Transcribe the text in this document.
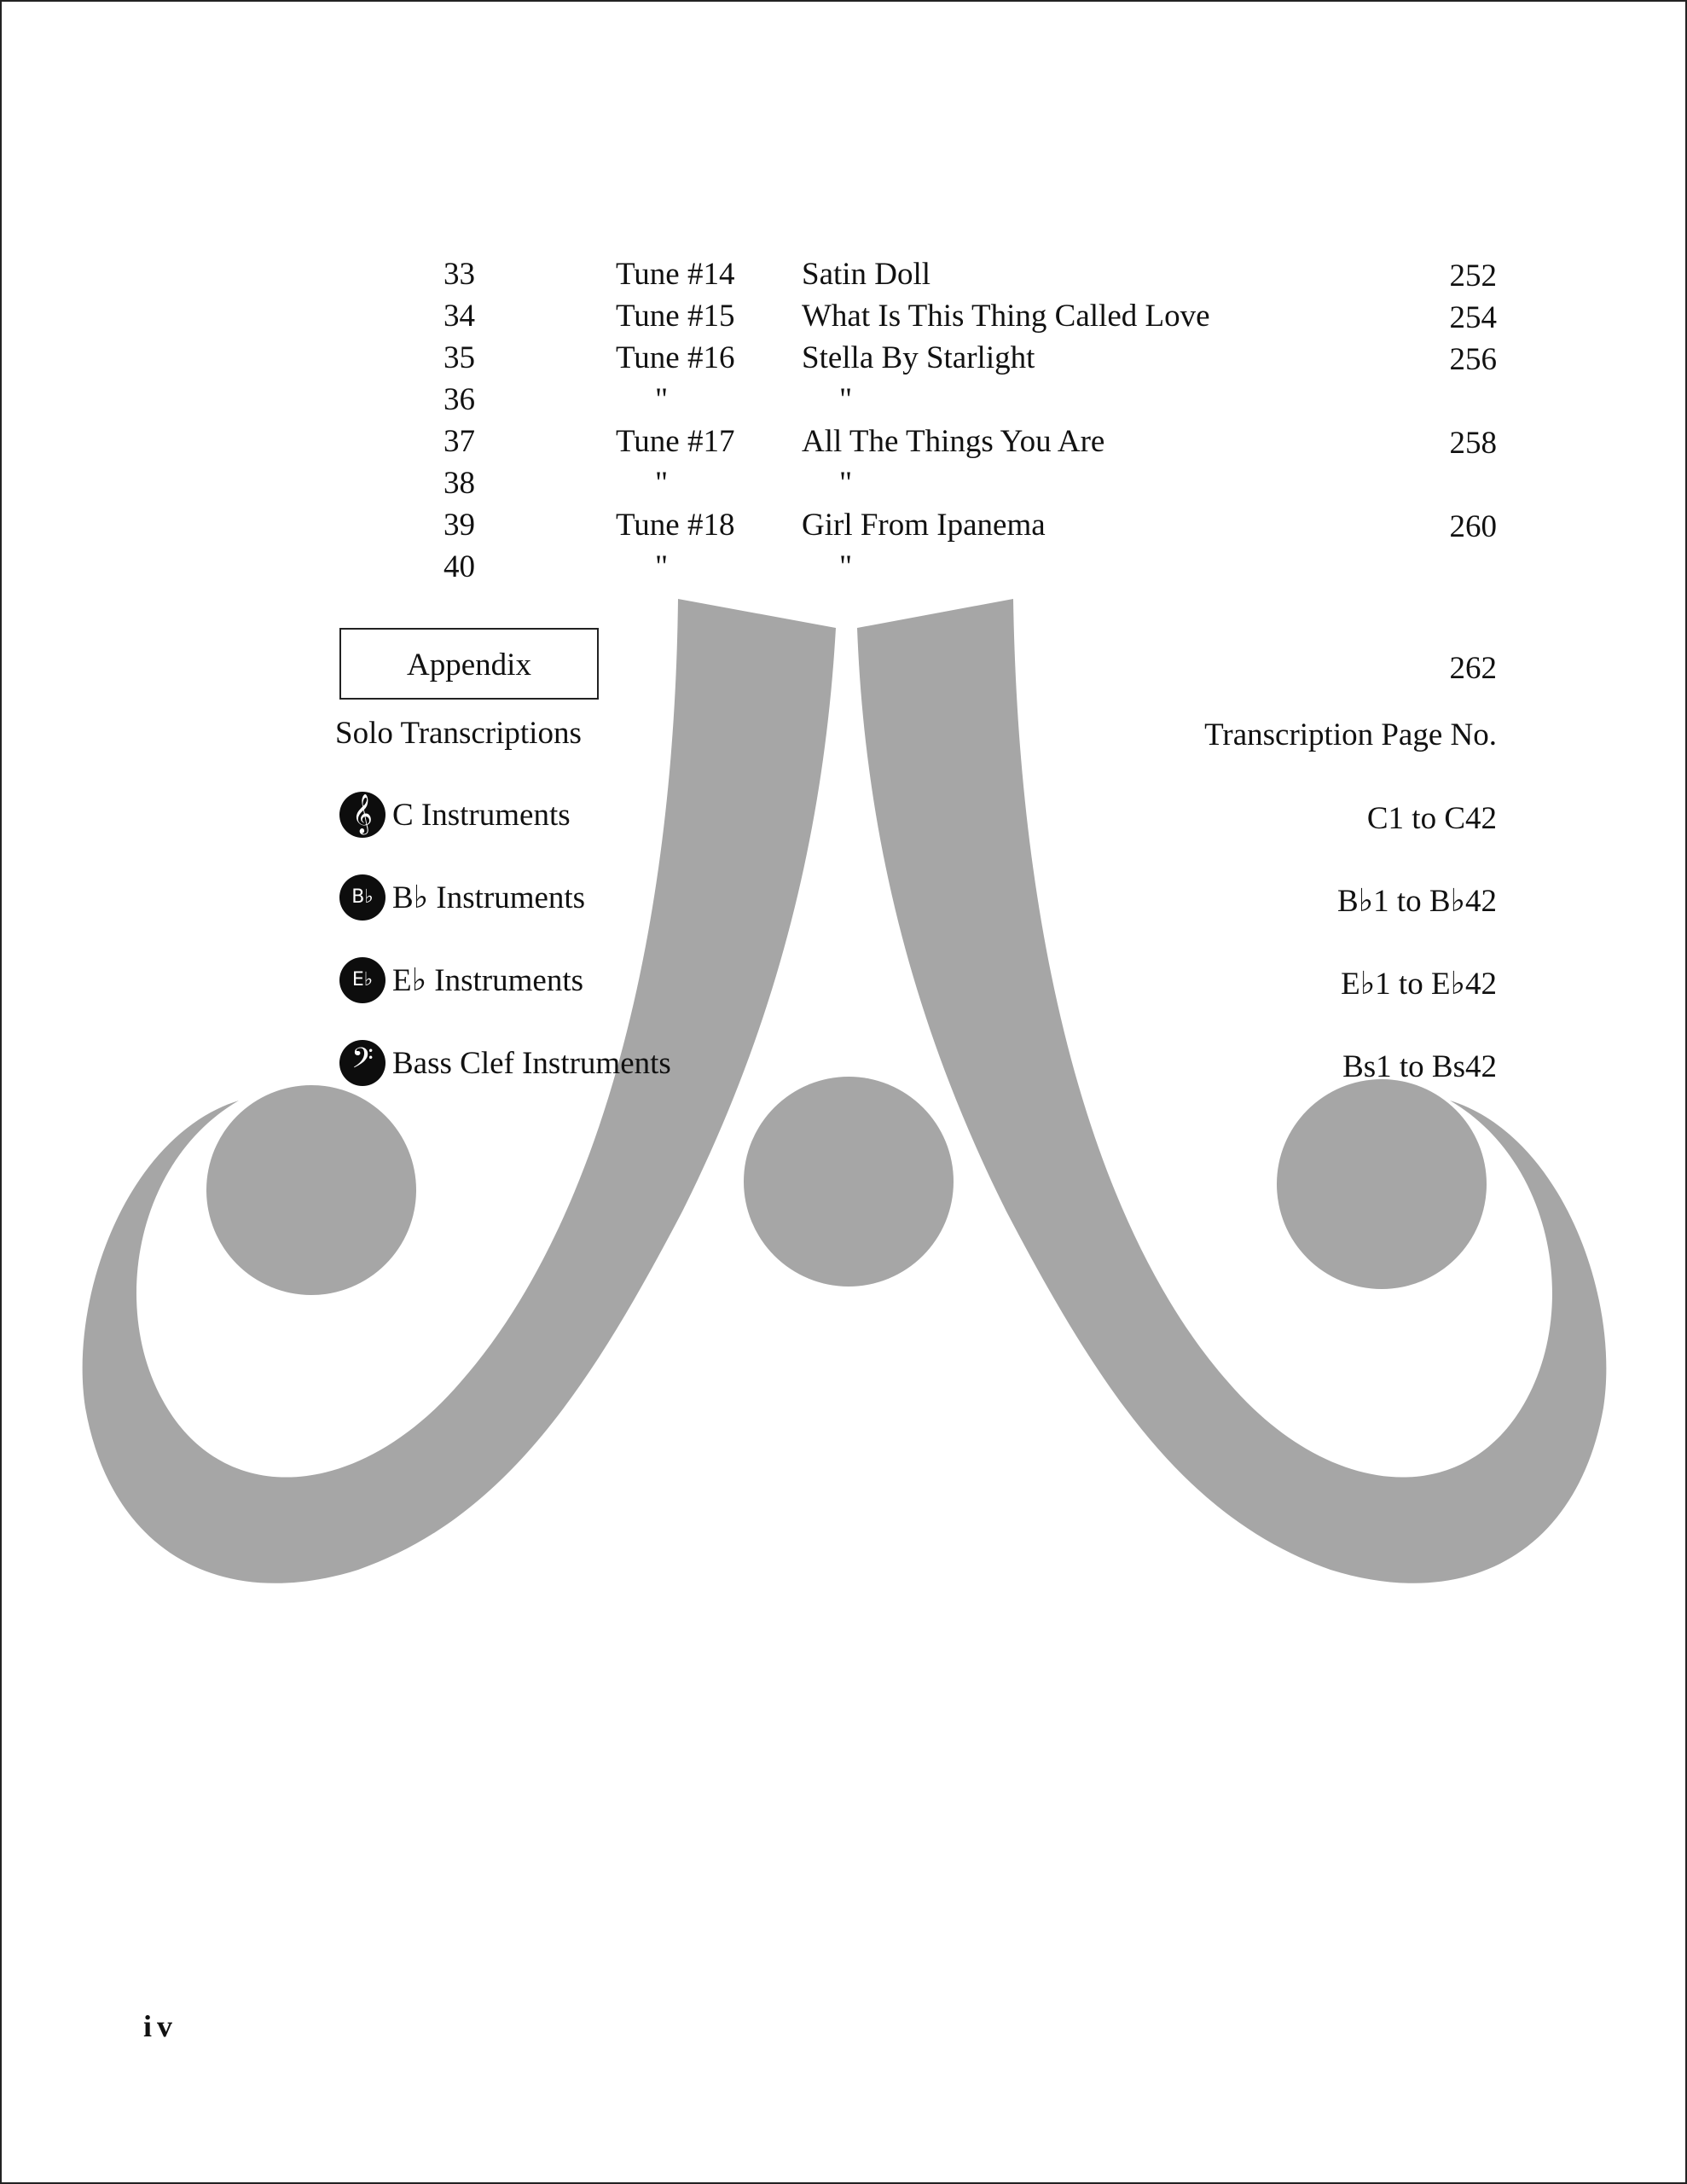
33	Tune #14 Satin Doll	252
34	Tune #15 What Is This Thing Called Love	254
35	Tune #16 Stella By Starlight	256
36	"	"
37	Tune #17 All The Things You Are	258
38	"	"
39	Tune #18 Girl From Ipanema	260
40	"	"
Appendix	262
Solo Transcriptions	Transcription Page No.
𝄞 C Instruments	C1 to C42
B♭ B♭ Instruments	B♭1 to B♭42
E♭ E♭ Instruments	E♭1 to E♭42
𝄢 Bass Clef Instruments	Bs1 to Bs42
iv
